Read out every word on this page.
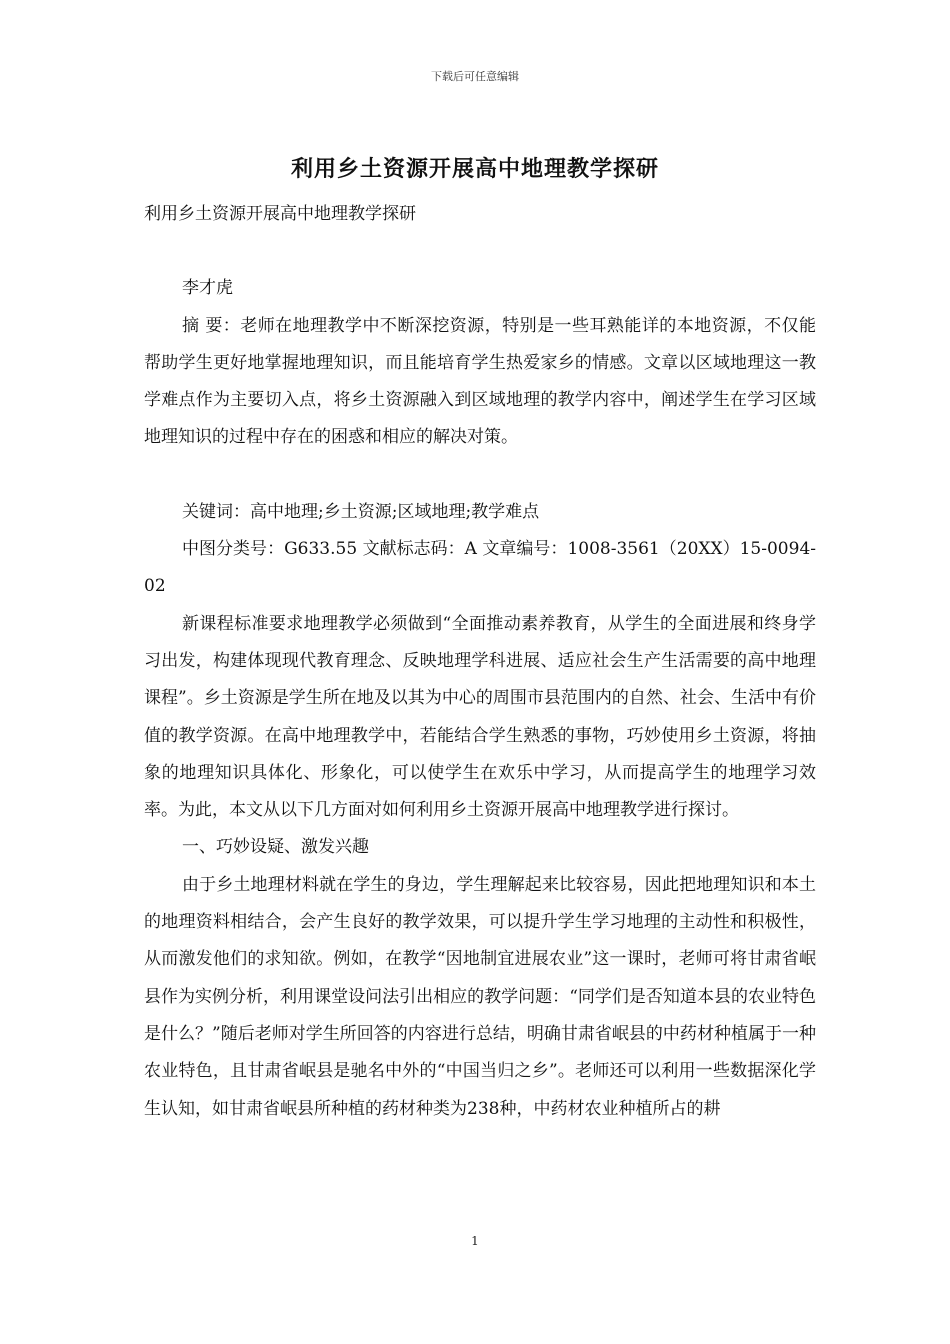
下载后可任意编辑
利用乡土资源开展高中地理教学探研

利用乡土资源开展高中地理教学探研

李才虎

摘 要：老师在地理教学中不断深挖资源，特别是一些耳熟能详的本地资源，不仅能帮助学生更好地掌握地理知识，而且能培育学生热爱家乡的情感。文章以区域地理这一教学难点作为主要切入点，将乡土资源融入到区域地理的教学内容中，阐述学生在学习区域地理知识的过程中存在的困惑和相应的解决对策。

关键词：高中地理;乡土资源;区域地理;教学难点

中图分类号：G633.55 文献标志码：A 文章编号：1008-3561（20XX）15-0094-02

新课程标准要求地理教学必须做到“全面推动素养教育，从学生的全面进展和终身学习出发，构建体现现代教育理念、反映地理学科进展、适应社会生产生活需要的高中地理课程”。乡土资源是学生所在地及以其为中心的周围市县范围内的自然、社会、生活中有价值的教学资源。在高中地理教学中，若能结合学生熟悉的事物，巧妙使用乡土资源，将抽象的地理知识具体化、形象化，可以使学生在欢乐中学习，从而提高学生的地理学习效率。为此，本文从以下几方面对如何利用乡土资源开展高中地理教学进行探讨。

一、巧妙设疑、激发兴趣

由于乡土地理材料就在学生的身边，学生理解起来比较容易，因此把地理知识和本土的地理资料相结合，会产生良好的教学效果，可以提升学生学习地理的主动性和积极性，从而激发他们的求知欲。例如，在教学“因地制宜进展农业”这一课时，老师可将甘肃省岷县作为实例分析，利用课堂设问法引出相应的教学问题：“同学们是否知道本县的农业特色是什么？”随后老师对学生所回答的内容进行总结，明确甘肃省岷县的中药材种植属于一种农业特色，且甘肃省岷县是驰名中外的“中国当归之乡”。老师还可以利用一些数据深化学生认知，如甘肃省岷县所种植的药材种类为238种，中药材农业种植所占的耕

1
